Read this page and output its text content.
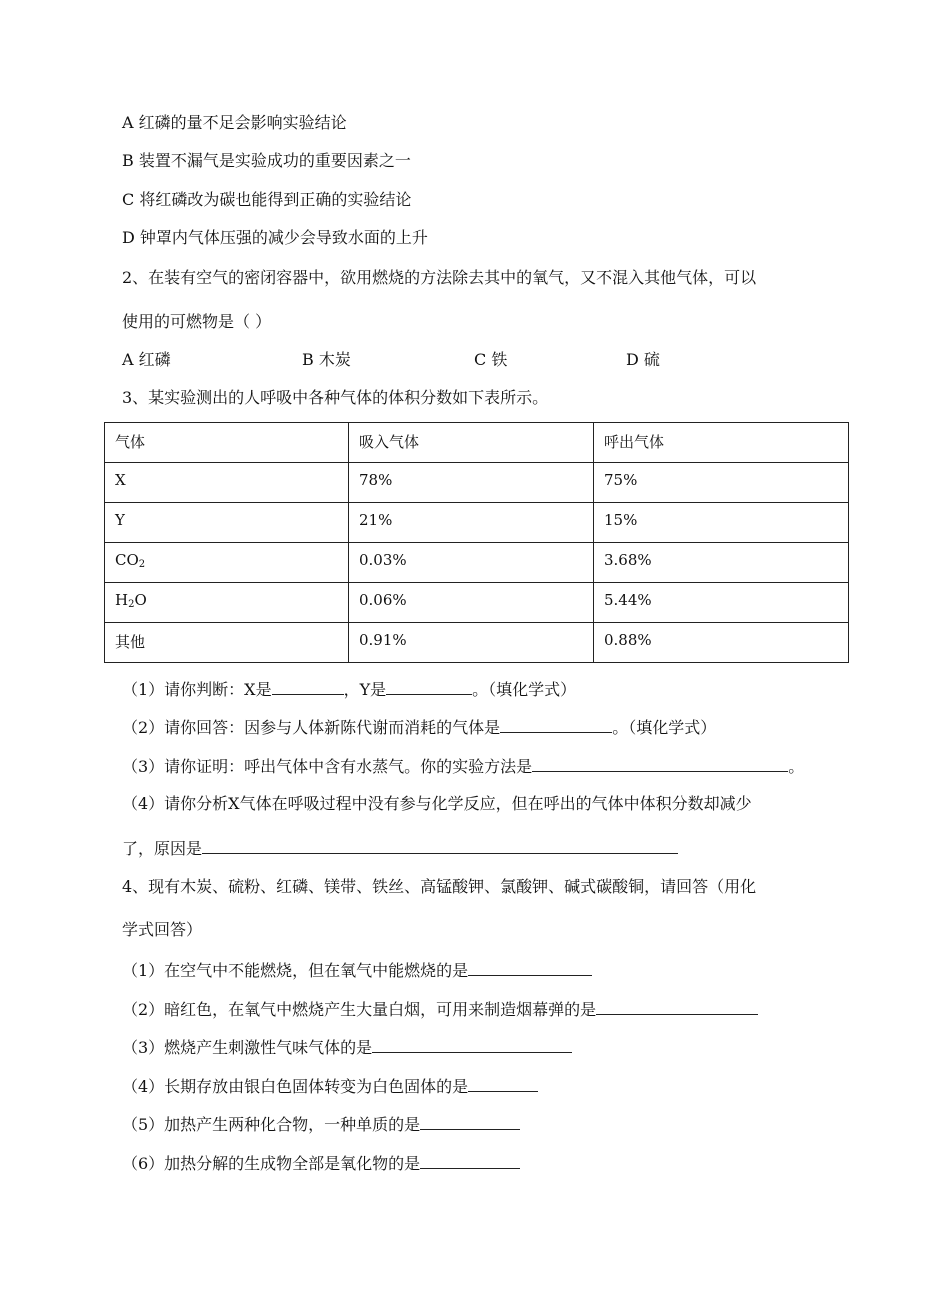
A 红磷的量不足会影响实验结论
B 装置不漏气是实验成功的重要因素之一
C 将红磷改为碳也能得到正确的实验结论
D 钟罩内气体压强的减少会导致水面的上升
2、在装有空气的密闭容器中，欲用燃烧的方法除去其中的氧气，又不混入其他气体，可以
使用的可燃物是（ ）
A 红磷	B 木炭	C 铁	D 硫
3、某实验测出的人呼吸中各种气体的体积分数如下表所示。
气体	吸入气体	呼出气体
X	78%	75%
Y	21%	15%
$CO_2$	0.03%	3.68%
$H_2O$	0.06%	5.44%
其他	0.91%	0.88%
（1）请你判断：X是	，Y是	。（填化学式）
（2）请你回答：因参与人体新陈代谢而消耗的气体是	。（填化学式）
（3）请你证明：呼出气体中含有水蒸气。你的实验方法是	。
（4）请你分析X气体在呼吸过程中没有参与化学反应，但在呼出的气体中体积分数却减少
了，原因是
4、现有木炭、硫粉、红磷、镁带、铁丝、高锰酸钾、氯酸钾、碱式碳酸铜，请回答（用化
学式回答）
（1）在空气中不能燃烧，但在氧气中能燃烧的是
（2）暗红色，在氧气中燃烧产生大量白烟，可用来制造烟幕弹的是
（3）燃烧产生刺激性气味气体的是
（4）长期存放由银白色固体转变为白色固体的是
（5）加热产生两种化合物，一种单质的是
（6）加热分解的生成物全部是氧化物的是
